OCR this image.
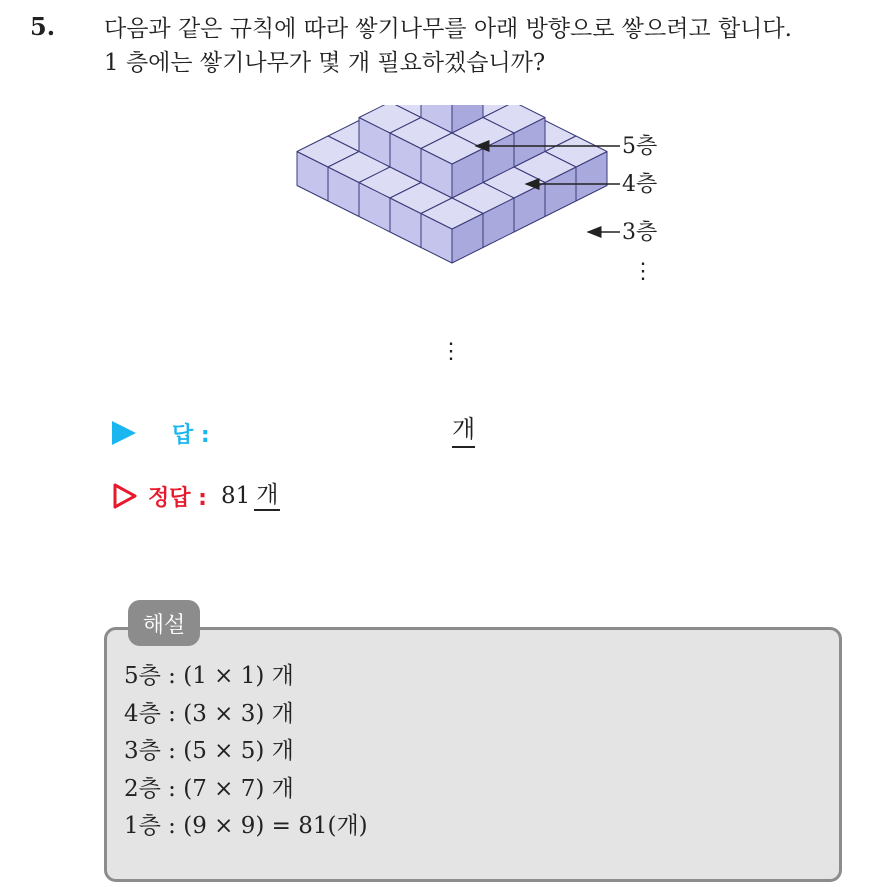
5. 다음과 같은 규칙에 따라 쌓기나무를 아래 방향으로 쌓으려고 합니다.
1 층에는 쌓기나무가 몇 개 필요하겠습니까?
5층
4층
3층
⋮
⋮
답 :	개
정답 : 81 개
해설
5층 : (1 × 1) 개
4층 : (3 × 3) 개
3층 : (5 × 5) 개
2층 : (7 × 7) 개
1층 : (9 × 9) = 81(개)
